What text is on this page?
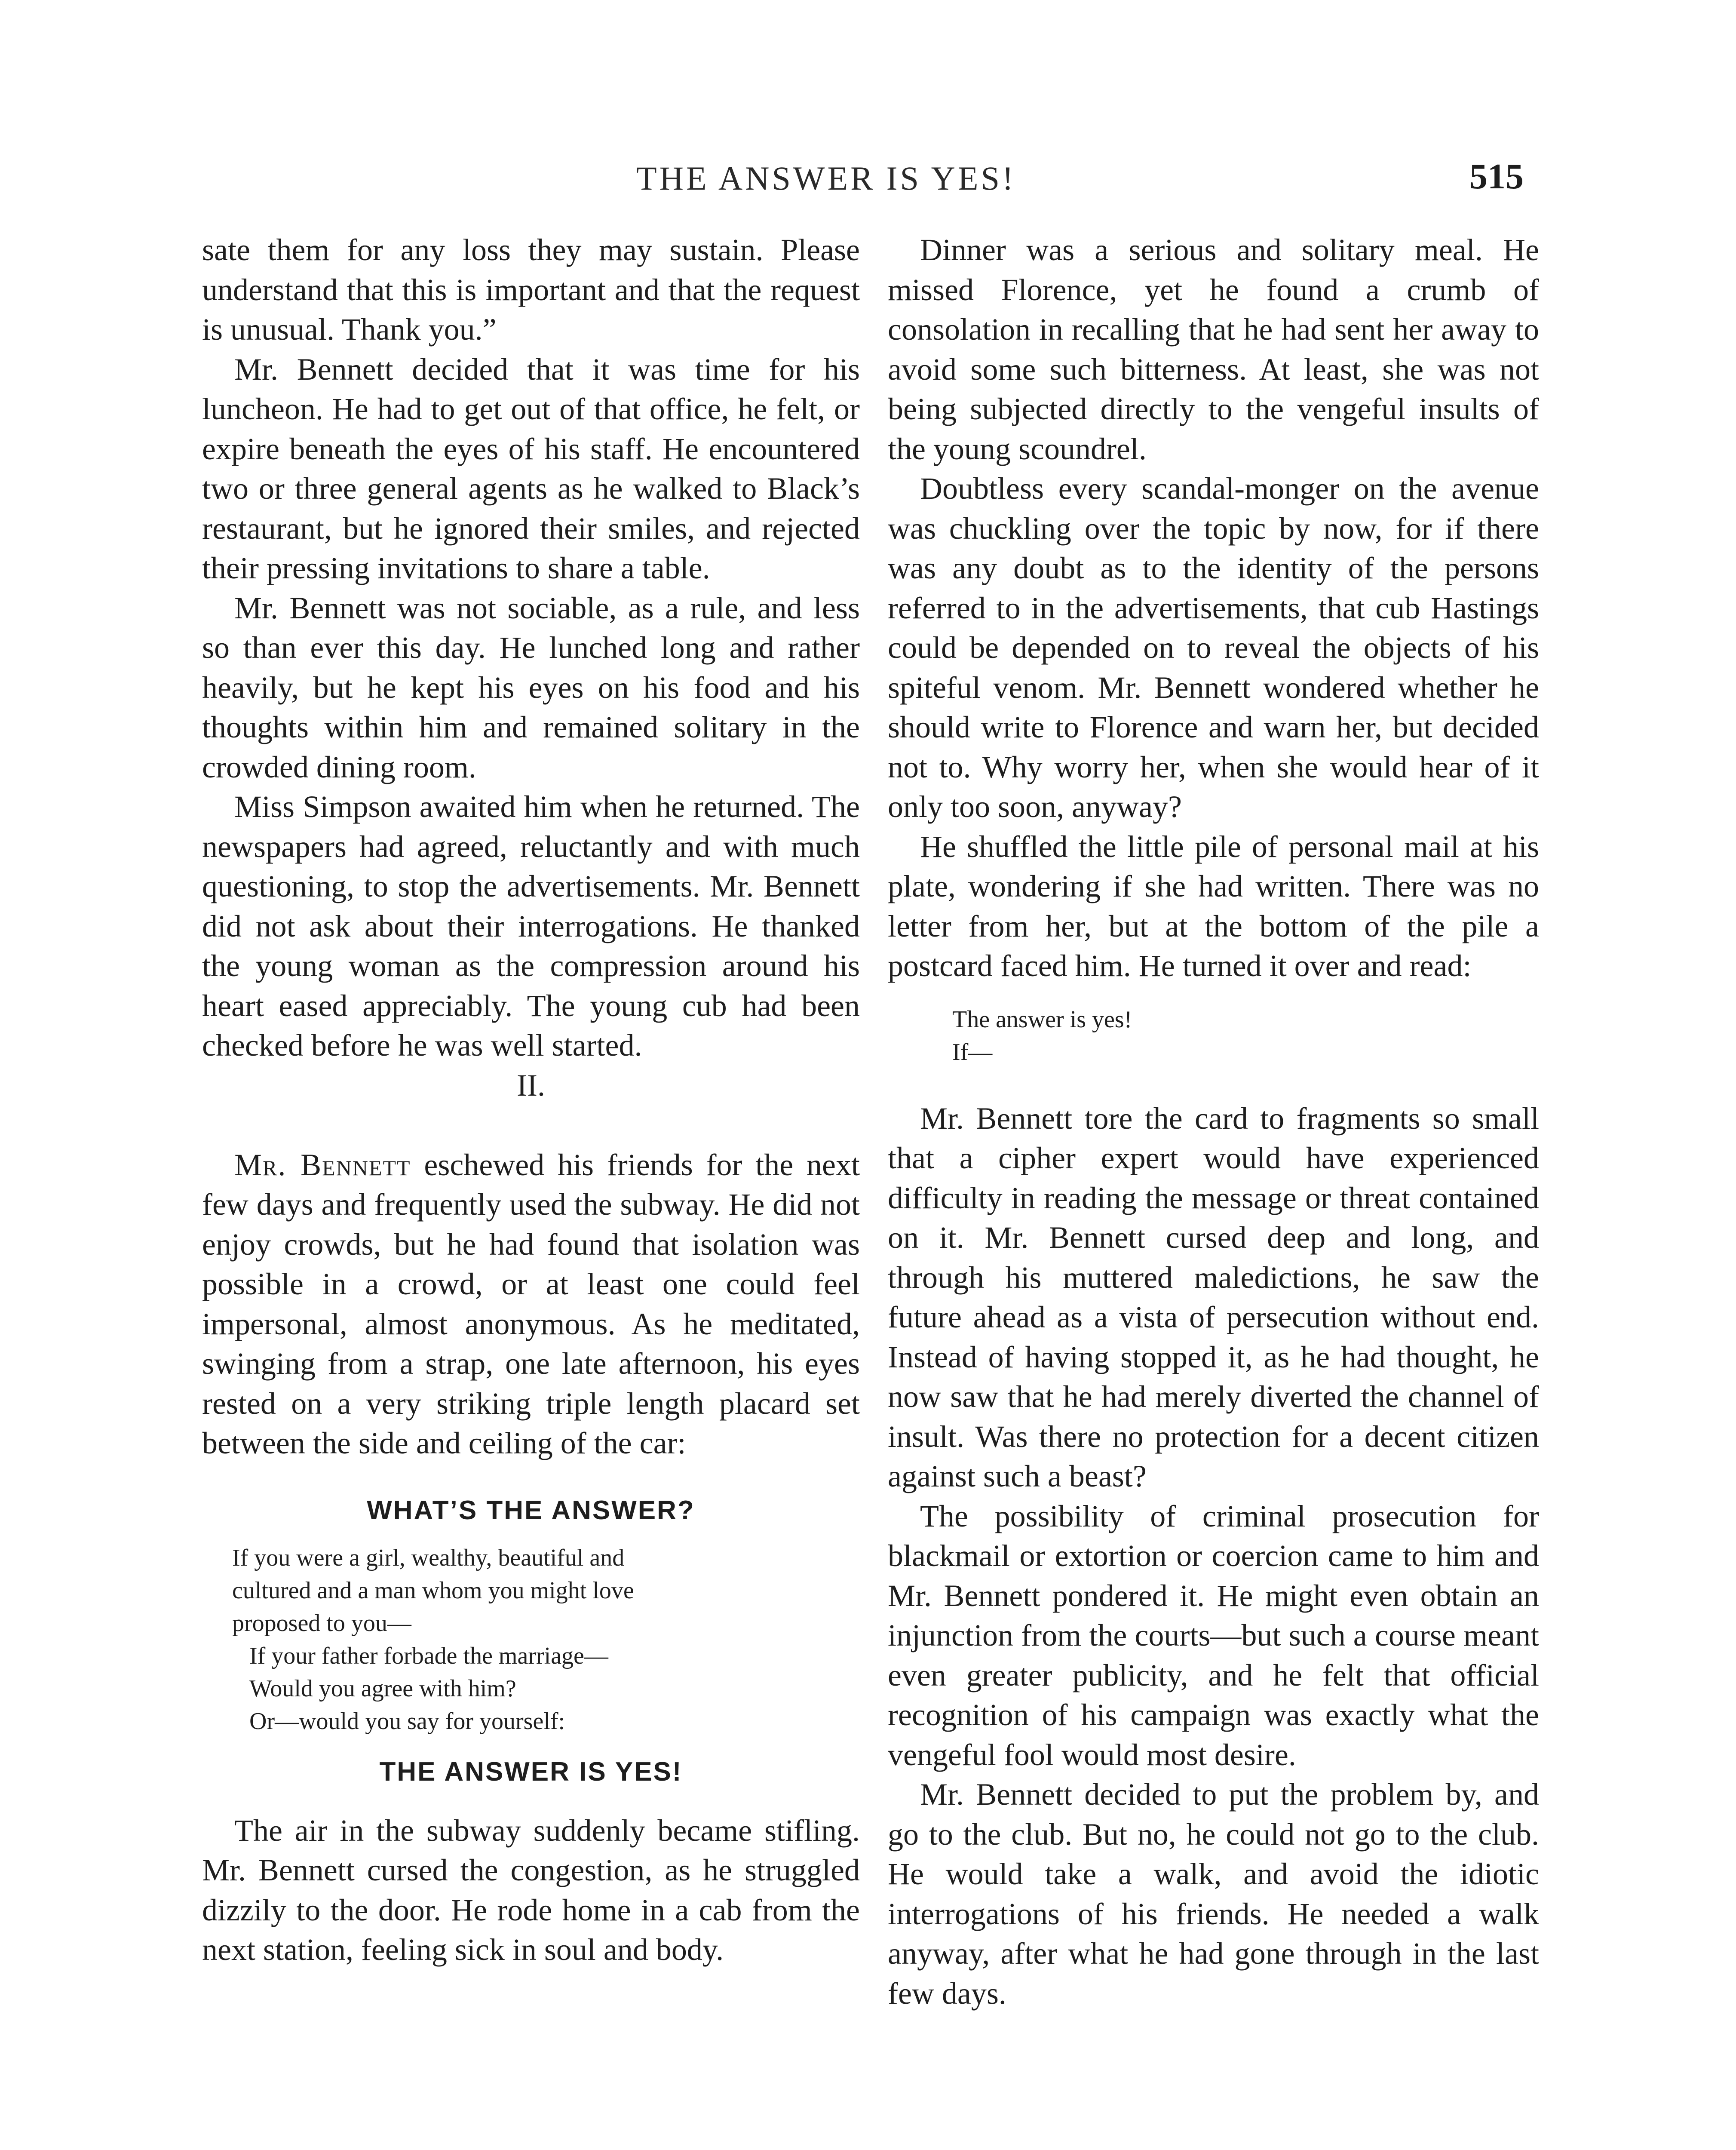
THE ANSWER IS YES!	515

sate them for any loss they may sustain. Please understand that this is important and that the request is unusual. Thank you.”

Mr. Bennett decided that it was time for his luncheon. He had to get out of that office, he felt, or expire beneath the eyes of his staff. He encountered two or three general agents as he walked to Black’s restaurant, but he ignored their smiles, and rejected their pressing invitations to share a table.

Mr. Bennett was not sociable, as a rule, and less so than ever this day. He lunched long and rather heavily, but he kept his eyes on his food and his thoughts within him and remained solitary in the crowded dining room.

Miss Simpson awaited him when he returned. The newspapers had agreed, reluctantly and with much questioning, to stop the advertisements. Mr. Bennett did not ask about their interrogations. He thanked the young woman as the compression around his heart eased appreciably. The young cub had been checked before he was well started.

II.

Mr. Bennett eschewed his friends for the next few days and frequently used the subway. He did not enjoy crowds, but he had found that isolation was possible in a crowd, or at least one could feel impersonal, almost anonymous. As he meditated, swinging from a strap, one late afternoon, his eyes rested on a very striking triple length placard set between the side and ceiling of the car:

WHAT’S THE ANSWER?
If you were a girl, wealthy, beautiful and
cultured and a man whom you might love
proposed to you—
If your father forbade the marriage—
Would you agree with him?
Or—would you say for yourself:
THE ANSWER IS YES!

The air in the subway suddenly became stifling. Mr. Bennett cursed the congestion, as he struggled dizzily to the door. He rode home in a cab from the next station, feeling sick in soul and body.

Dinner was a serious and solitary meal. He missed Florence, yet he found a crumb of consolation in recalling that he had sent her away to avoid some such bitterness. At least, she was not being subjected directly to the vengeful insults of the young scoundrel.

Doubtless every scandal-monger on the avenue was chuckling over the topic by now, for if there was any doubt as to the identity of the persons referred to in the advertisements, that cub Hastings could be depended on to reveal the objects of his spiteful venom. Mr. Bennett wondered whether he should write to Florence and warn her, but decided not to. Why worry her, when she would hear of it only too soon, anyway?

He shuffled the little pile of personal mail at his plate, wondering if she had written. There was no letter from her, but at the bottom of the pile a postcard faced him. He turned it over and read:

The answer is yes!
If—

Mr. Bennett tore the card to fragments so small that a cipher expert would have experienced difficulty in reading the message or threat contained on it. Mr. Bennett cursed deep and long, and through his muttered maledictions, he saw the future ahead as a vista of persecution without end. Instead of having stopped it, as he had thought, he now saw that he had merely diverted the channel of insult. Was there no protection for a decent citizen against such a beast?

The possibility of criminal prosecution for blackmail or extortion or coercion came to him and Mr. Bennett pondered it. He might even obtain an injunction from the courts—but such a course meant even greater publicity, and he felt that official recognition of his campaign was exactly what the vengeful fool would most desire.

Mr. Bennett decided to put the problem by, and go to the club. But no, he could not go to the club. He would take a walk, and avoid the idiotic interrogations of his friends. He needed a walk anyway, after what he had gone through in the last few days.
